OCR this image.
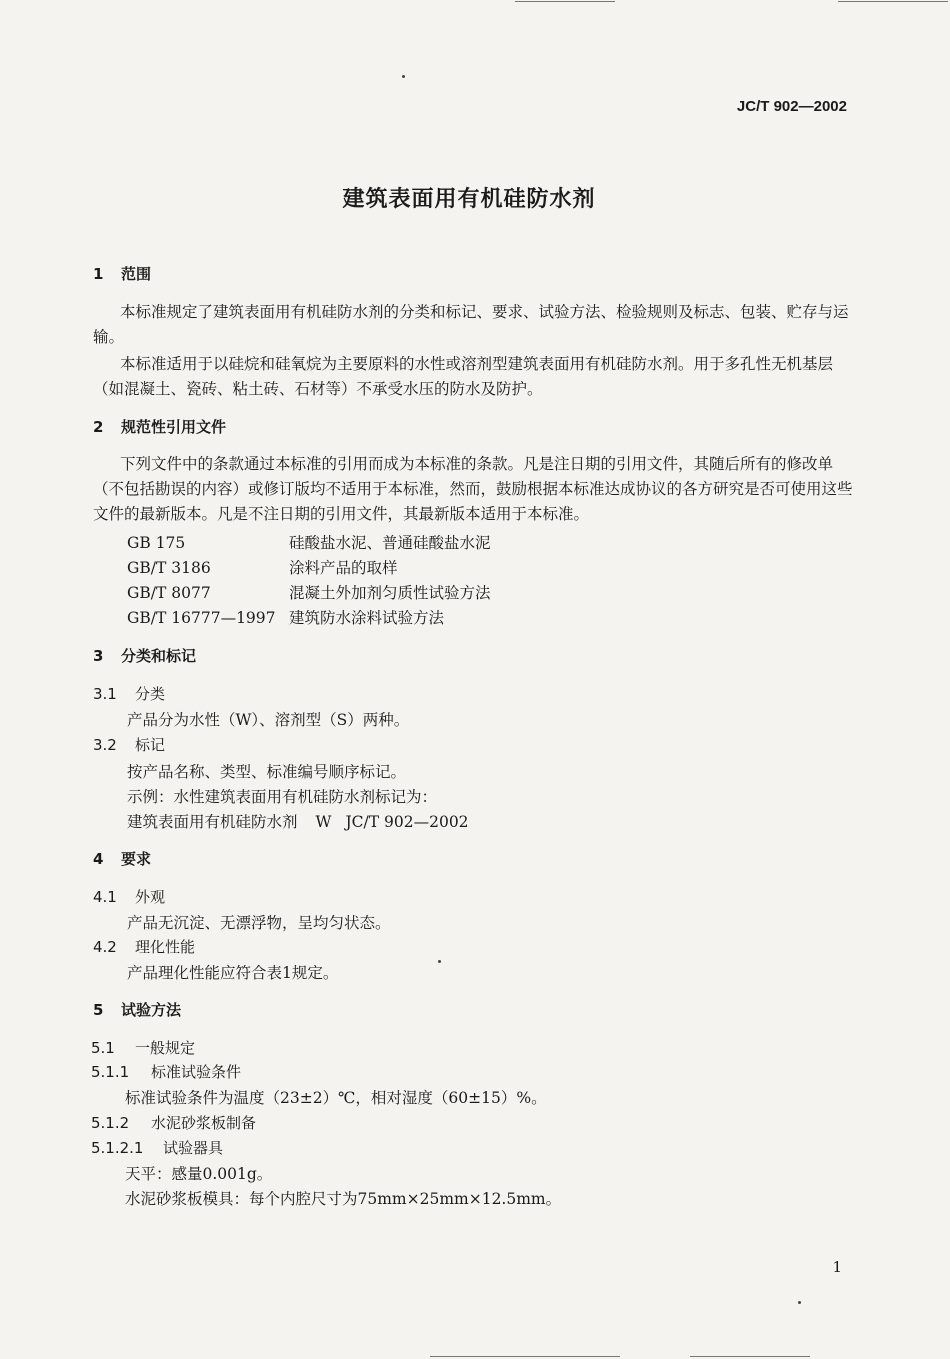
JC/T 902—2002
建筑表面用有机硅防水剂
1 范围
本标准规定了建筑表面用有机硅防水剂的分类和标记、要求、试验方法、检验规则及标志、包装、贮存与运输。
本标准适用于以硅烷和硅氧烷为主要原料的水性或溶剂型建筑表面用有机硅防水剂。用于多孔性无机基层（如混凝土、瓷砖、粘土砖、石材等）不承受水压的防水及防护。
2 规范性引用文件
下列文件中的条款通过本标准的引用而成为本标准的条款。凡是注日期的引用文件，其随后所有的修改单（不包括勘误的内容）或修订版均不适用于本标准，然而，鼓励根据本标准达成协议的各方研究是否可使用这些文件的最新版本。凡是不注日期的引用文件，其最新版本适用于本标准。
GB 175	硅酸盐水泥、普通硅酸盐水泥
GB/T 3186	涂料产品的取样
GB/T 8077	混凝土外加剂匀质性试验方法
GB/T 16777—1997 建筑防水涂料试验方法
3 分类和标记
3.1 分类
产品分为水性（W）、溶剂型（S）两种。
3.2 标记
按产品名称、类型、标准编号顺序标记。
示例：水性建筑表面用有机硅防水剂标记为：
建筑表面用有机硅防水剂 W JC/T 902—2002
4 要求
4.1 外观
产品无沉淀、无漂浮物，呈均匀状态。
4.2 理化性能
产品理化性能应符合表1规定。
5 试验方法
5.1 一般规定
5.1.1 标准试验条件
标准试验条件为温度（23±2）℃，相对湿度（60±15）%。
5.1.2 水泥砂浆板制备
5.1.2.1 试验器具
天平：感量0.001g。
水泥砂浆板模具：每个内腔尺寸为75mm×25mm×12.5mm。
1
